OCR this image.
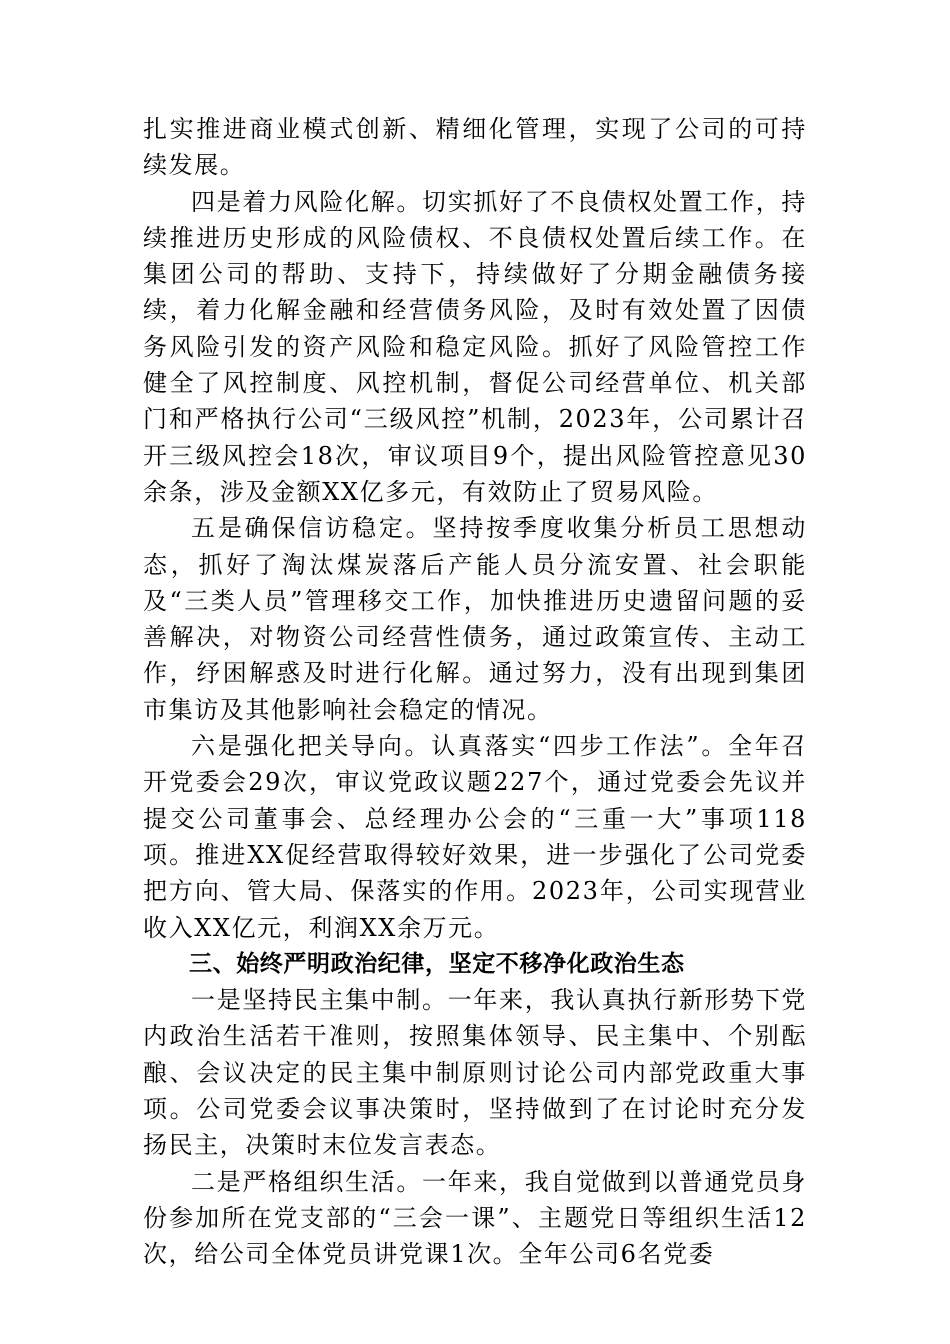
扎实推进商业模式创新、精细化管理，实现了公司的可持续发展。

四是着力风险化解。切实抓好了不良债权处置工作，持续推进历史形成的风险债权、不良债权处置后续工作。在集团公司的帮助、支持下，持续做好了分期金融债务接续，着力化解金融和经营债务风险，及时有效处置了因债务风险引发的资产风险和稳定风险。抓好了风险管控工作健全了风控制度、风控机制，督促公司经营单位、机关部门和严格执行公司“三级风控”机制，2023年，公司累计召开三级风控会18次，审议项目9个，提出风险管控意见30余条，涉及金额XX亿多元，有效防止了贸易风险。

五是确保信访稳定。坚持按季度收集分析员工思想动态，抓好了淘汰煤炭落后产能人员分流安置、社会职能及“三类人员”管理移交工作，加快推进历史遗留问题的妥善解决，对物资公司经营性债务，通过政策宣传、主动工作，纾困解惑及时进行化解。通过努力，没有出现到集团市集访及其他影响社会稳定的情况。

六是强化把关导向。认真落实“四步工作法”。全年召开党委会29次，审议党政议题227个，通过党委会先议并提交公司董事会、总经理办公会的“三重一大”事项118项。推进XX促经营取得较好效果，进一步强化了公司党委把方向、管大局、保落实的作用。2023年，公司实现营业收入XX亿元，利润XX余万元。

三、始终严明政治纪律，坚定不移净化政治生态

一是坚持民主集中制。一年来，我认真执行新形势下党内政治生活若干准则，按照集体领导、民主集中、个别酝酿、会议决定的民主集中制原则讨论公司内部党政重大事项。公司党委会议事决策时，坚持做到了在讨论时充分发扬民主，决策时末位发言表态。

二是严格组织生活。一年来，我自觉做到以普通党员身份参加所在党支部的“三会一课”、主题党日等组织生活12次，给公司全体党员讲党课1次。全年公司6名党委
